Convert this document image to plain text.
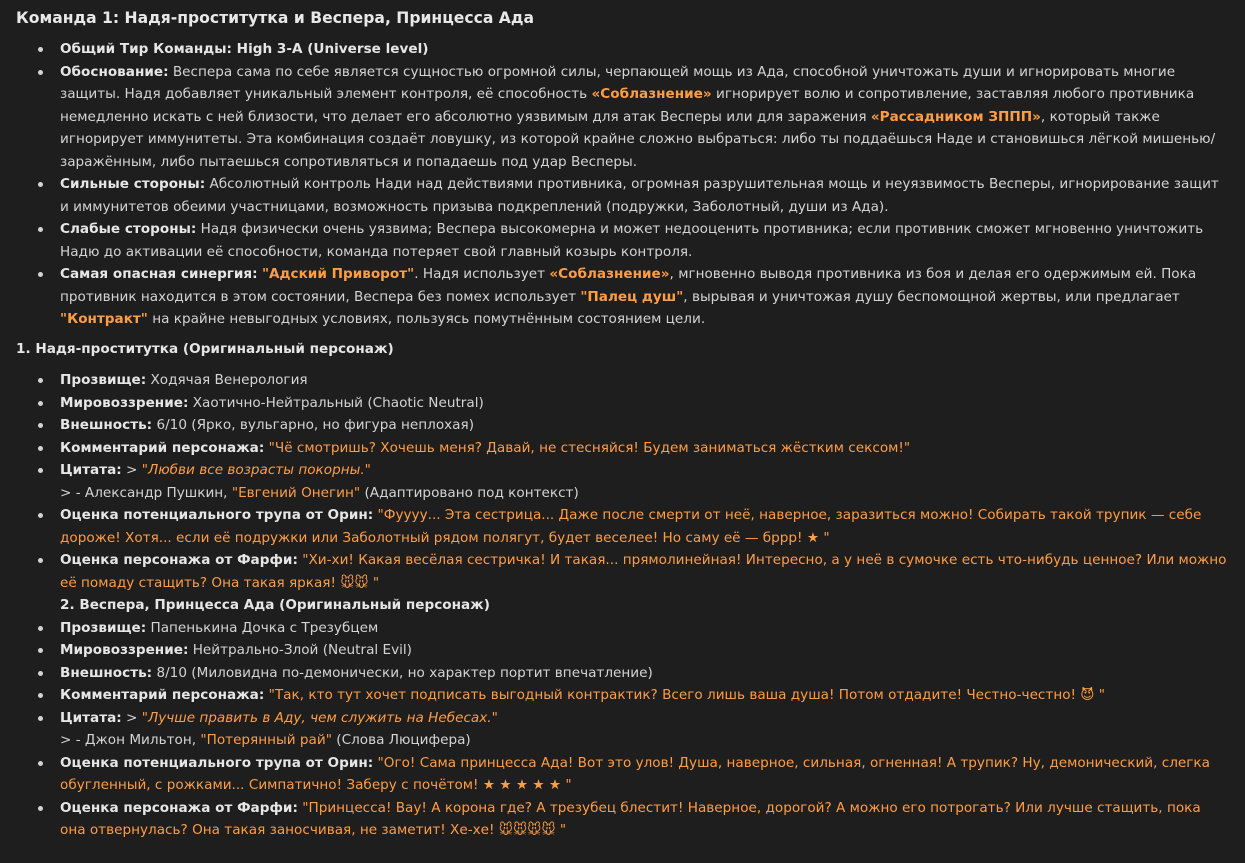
Команда 1: Надя-проститутка и Веспера, Принцесса Ада
Общий Тир Команды: High 3-A (Universe level)
Обоснование: Веспера сама по себе является сущностью огромной силы, черпающей мощь из Ада, способной уничтожать души и игнорировать многие защиты. Надя добавляет уникальный элемент контроля, её способность «Соблазнение» игнорирует волю и сопротивление, заставляя любого противника немедленно искать с ней близости, что делает его абсолютно уязвимым для атак Весперы или для заражения «Рассадником ЗППП», который также игнорирует иммунитеты. Эта комбинация создаёт ловушку, из которой крайне сложно выбраться: либо ты поддаёшься Наде и становишься лёгкой мишенью/заражённым, либо пытаешься сопротивляться и попадаешь под удар Весперы.
Сильные стороны: Абсолютный контроль Нади над действиями противника, огромная разрушительная мощь и неуязвимость Весперы, игнорирование защит и иммунитетов обеими участницами, возможность призыва подкреплений (подружки, Заболотный, души из Ада).
Слабые стороны: Надя физически очень уязвима; Веспера высокомерна и может недооценить противника; если противник сможет мгновенно уничтожить Надю до активации её способности, команда потеряет свой главный козырь контроля.
Самая опасная синергия: "Адский Приворот". Надя использует «Соблазнение», мгновенно выводя противника из боя и делая его одержимым ей. Пока противник находится в этом состоянии, Веспера без помех использует "Палец душ", вырывая и уничтожая душу беспомощной жертвы, или предлагает "Контракт" на крайне невыгодных условиях, пользуясь помутнённым состоянием цели.
1. Надя-проститутка (Оригинальный персонаж)
Прозвище: Ходячая Венерология
Мировоззрение: Хаотично-Нейтральный (Chaotic Neutral)
Внешность: 6/10 (Ярко, вульгарно, но фигура неплохая)
Комментарий персонажа: "Чё смотришь? Хочешь меня? Давай, не стесняйся! Будем заниматься жёстким сексом!"
Цитата: > "Любви все возрасты покорны."
> - Александр Пушкин, "Евгений Онегин" (Адаптировано под контекст)
Оценка потенциального трупа от Орин: "Фуууу... Эта сестрица... Даже после смерти от неё, наверное, заразиться можно! Собирать такой трупик — себе дороже! Хотя... если её подружки или Заболотный рядом полягут, будет веселее! Но саму её — бррр! ★ "
Оценка персонажа от Фарфи: "Хи-хи! Какая весёлая сестричка! И такая... прямолинейная! Интересно, а у неё в сумочке есть что-нибудь ценное? Или можно её помаду стащить? Она такая яркая! 🐭🐭 "
2. Веспера, Принцесса Ада (Оригинальный персонаж)
Прозвище: Папенькина Дочка с Трезубцем
Мировоззрение: Нейтрально-Злой (Neutral Evil)
Внешность: 8/10 (Миловидна по-демонически, но характер портит впечатление)
Комментарий персонажа: "Так, кто тут хочет подписать выгодный контрактик? Всего лишь ваша душа! Потом отдадите! Честно-честно! 😈 "
Цитата: > "Лучше править в Аду, чем служить на Небесах."
> - Джон Мильтон, "Потерянный рай" (Слова Люцифера)
Оценка потенциального трупа от Орин: "Ого! Сама принцесса Ада! Вот это улов! Душа, наверное, сильная, огненная! А трупик? Ну, демонический, слегка обугленный, с рожками... Симпатично! Заберу с почётом! ★ ★ ★ ★ ★ "
Оценка персонажа от Фарфи: "Принцесса! Вау! А корона где? А трезубец блестит! Наверное, дорогой? А можно его потрогать? Или лучше стащить, пока она отвернулась? Она такая заносчивая, не заметит! Хе-хе! 🐭🐭🐭🐭 "
